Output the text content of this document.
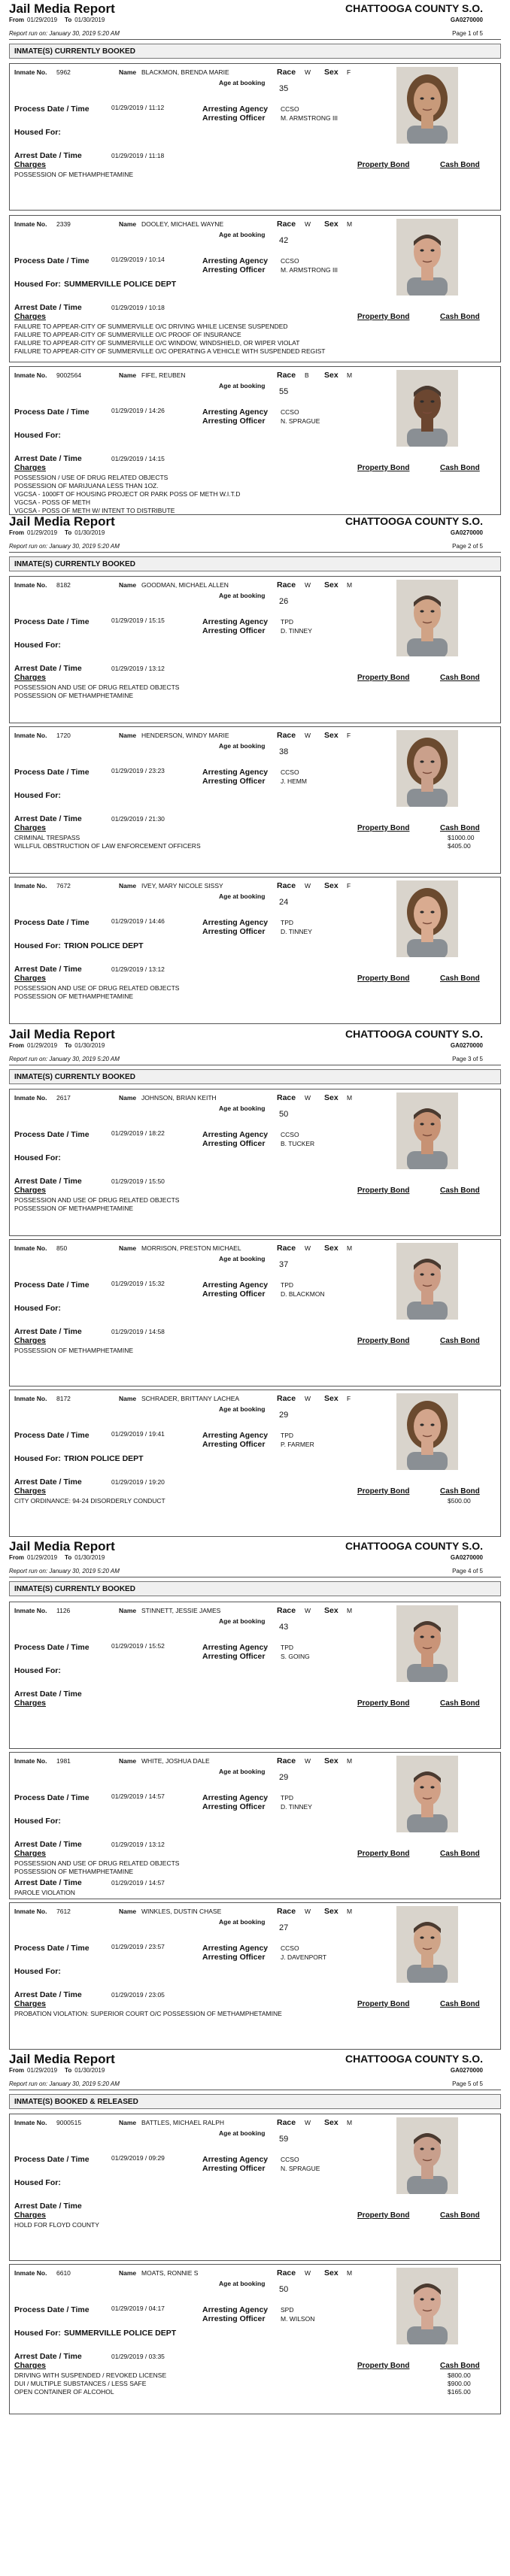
Jail Media Report	CHATTOOGA COUNTY S.O.
From 01/29/2019 To 01/30/2019	GA0270000
Report run on: January 30, 2019 5:20 AM	Page 1 of 5
INMATE(S) CURRENTLY BOOKED
Inmate No. 5962	Name BLACKMON, BRENDA MARIE	Race W Sex F
Age at booking
35
Process Date / Time	01/29/2019 / 11:12	Arresting Agency CCSO
Arresting Officer M. ARMSTRONG III
Housed For:
Arrest Date / Time	01/29/2019 / 11:18
Charges	Property Bond	Cash Bond
POSSESSION OF METHAMPHETAMINE
Inmate No. 2339	Name DOOLEY, MICHAEL WAYNE	Race W Sex M
Age at booking
42
Process Date / Time	01/29/2019 / 10:14	Arresting Agency CCSO
Arresting Officer M. ARMSTRONG III
Housed For: SUMMERVILLE POLICE DEPT
Arrest Date / Time	01/29/2019 / 10:18
Charges	Property Bond	Cash Bond
FAILURE TO APPEAR-CITY OF SUMMERVILLE O/C DRIVING WHILE LICENSE SUSPENDED
FAILURE TO APPEAR-CITY OF SUMMERVILLE O/C PROOF OF INSURANCE
FAILURE TO APPEAR-CITY OF SUMMERVILLE O/C WINDOW, WINDSHIELD, OR WIPER VIOLAT
FAILURE TO APPEAR-CITY OF SUMMERVILLE O/C OPERATING A VEHICLE WITH SUSPENDED REGIST
Inmate No. 9002564	Name FIFE, REUBEN	Race B Sex M
Age at booking
55
Process Date / Time	01/29/2019 / 14:26	Arresting Agency CCSO
Arresting Officer N. SPRAGUE
Housed For:
Arrest Date / Time	01/29/2019 / 14:15
Charges	Property Bond	Cash Bond
POSSESSION / USE OF DRUG RELATED OBJECTS
POSSESSION OF MARIJUANA LESS THAN 1OZ.
VGCSA - 1000FT OF HOUSING PROJECT OR PARK POSS OF METH W.I.T.D
VGCSA - POSS OF METH
VGCSA - POSS OF METH W/ INTENT TO DISTRIBUTE
Jail Media Report	CHATTOOGA COUNTY S.O.
From 01/29/2019 To 01/30/2019	GA0270000
Report run on: January 30, 2019 5:20 AM	Page 2 of 5
INMATE(S) CURRENTLY BOOKED
Inmate No. 8182	Name GOODMAN, MICHAEL ALLEN	Race W Sex M
Age at booking
26
Process Date / Time	01/29/2019 / 15:15	Arresting Agency TPD
Arresting Officer D. TINNEY
Housed For:
Arrest Date / Time	01/29/2019 / 13:12
Charges	Property Bond	Cash Bond
POSSESSION AND USE OF DRUG RELATED OBJECTS
POSSESSION OF METHAMPHETAMINE
Inmate No. 1720	Name HENDERSON, WINDY MARIE	Race W Sex F
Age at booking
38
Process Date / Time	01/29/2019 / 23:23	Arresting Agency CCSO
Arresting Officer J. HEMM
Housed For:
Arrest Date / Time	01/29/2019 / 21:30
Charges	Property Bond	Cash Bond
CRIMINAL TRESPASS	$1000.00
WILLFUL OBSTRUCTION OF LAW ENFORCEMENT OFFICERS	$405.00
Inmate No. 7672	Name IVEY, MARY NICOLE SISSY	Race W Sex F
Age at booking
24
Process Date / Time	01/29/2019 / 14:46	Arresting Agency TPD
Arresting Officer D. TINNEY
Housed For: TRION POLICE DEPT
Arrest Date / Time	01/29/2019 / 13:12
Charges	Property Bond	Cash Bond
POSSESSION AND USE OF DRUG RELATED OBJECTS
POSSESSION OF METHAMPHETAMINE
Jail Media Report	CHATTOOGA COUNTY S.O.
From 01/29/2019 To 01/30/2019	GA0270000
Report run on: January 30, 2019 5:20 AM	Page 3 of 5
INMATE(S) CURRENTLY BOOKED
Inmate No. 2617	Name JOHNSON, BRIAN KEITH	Race W Sex M
Age at booking
50
Process Date / Time	01/29/2019 / 18:22	Arresting Agency CCSO
Arresting Officer B. TUCKER
Housed For:
Arrest Date / Time	01/29/2019 / 15:50
Charges	Property Bond	Cash Bond
POSSESSION AND USE OF DRUG RELATED OBJECTS
POSSESSION OF METHAMPHETAMINE
Inmate No. 850	Name MORRISON, PRESTON MICHAEL	Race W Sex M
Age at booking
37
Process Date / Time	01/29/2019 / 15:32	Arresting Agency TPD
Arresting Officer D. BLACKMON
Housed For:
Arrest Date / Time	01/29/2019 / 14:58
Charges	Property Bond	Cash Bond
POSSESSION OF METHAMPHETAMINE
Inmate No. 8172	Name SCHRADER, BRITTANY LACHEA	Race W Sex F
Age at booking
29
Process Date / Time	01/29/2019 / 19:41	Arresting Agency TPD
Arresting Officer P. FARMER
Housed For: TRION POLICE DEPT
Arrest Date / Time	01/29/2019 / 19:20
Charges	Property Bond	Cash Bond
CITY ORDINANCE: 94-24 DISORDERLY CONDUCT	$500.00
Jail Media Report	CHATTOOGA COUNTY S.O.
From 01/29/2019 To 01/30/2019	GA0270000
Report run on: January 30, 2019 5:20 AM	Page 4 of 5
INMATE(S) CURRENTLY BOOKED
Inmate No. 1126	Name STINNETT, JESSIE JAMES	Race W Sex M
Age at booking
43
Process Date / Time	01/29/2019 / 15:52	Arresting Agency TPD
Arresting Officer S. GOING
Housed For:
Arrest Date / Time
Charges	Property Bond	Cash Bond
Inmate No. 1981	Name WHITE, JOSHUA DALE	Race W Sex M
Age at booking
29
Process Date / Time	01/29/2019 / 14:57	Arresting Agency TPD
Arresting Officer D. TINNEY
Housed For:
Arrest Date / Time	01/29/2019 / 13:12
Charges	Property Bond	Cash Bond
POSSESSION AND USE OF DRUG RELATED OBJECTS
POSSESSION OF METHAMPHETAMINE
Arrest Date / Time	01/29/2019 / 14:57
PAROLE VIOLATION
Inmate No. 7612	Name WINKLES, DUSTIN CHASE	Race W Sex M
Age at booking
27
Process Date / Time	01/29/2019 / 23:57	Arresting Agency CCSO
Arresting Officer J. DAVENPORT
Housed For:
Arrest Date / Time	01/29/2019 / 23:05
Charges	Property Bond	Cash Bond
PROBATION VIOLATION: SUPERIOR COURT O/C POSSESSION OF METHAMPHETAMINE
Jail Media Report	CHATTOOGA COUNTY S.O.
From 01/29/2019 To 01/30/2019	GA0270000
Report run on: January 30, 2019 5:20 AM	Page 5 of 5
INMATE(S) BOOKED & RELEASED
Inmate No. 9000515	Name BATTLES, MICHAEL RALPH	Race W Sex M
Age at booking
59
Process Date / Time	01/29/2019 / 09:29	Arresting Agency CCSO
Arresting Officer N. SPRAGUE
Housed For:
Arrest Date / Time
Charges	Property Bond	Cash Bond
HOLD FOR FLOYD COUNTY
Inmate No. 6610	Name MOATS, RONNIE S	Race W Sex M
Age at booking
50
Process Date / Time	01/29/2019 / 04:17	Arresting Agency SPD
Arresting Officer M. WILSON
Housed For: SUMMERVILLE POLICE DEPT
Arrest Date / Time	01/29/2019 / 03:35
Charges	Property Bond	Cash Bond
DRIVING WITH SUSPENDED / REVOKED LICENSE	$800.00
DUI / MULTIPLE SUBSTANCES / LESS SAFE	$900.00
OPEN CONTAINER OF ALCOHOL	$165.00
